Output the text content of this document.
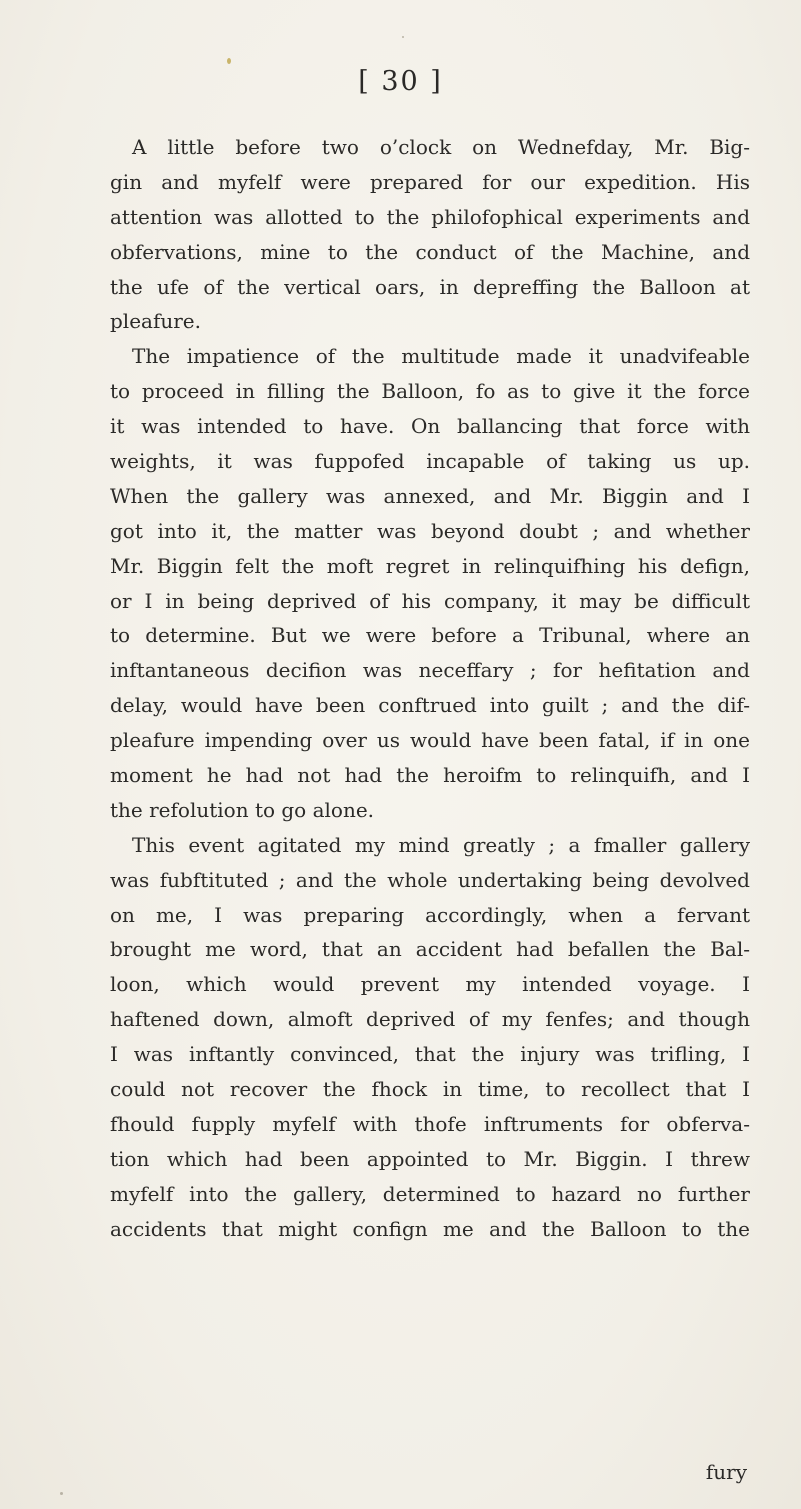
[ 30 ]
A little before two o’clock on Wednefday, Mr. Big-
gin and myfelf were prepared for our expedition. His
attention was allotted to the philofophical experiments and
obfervations, mine to the conduct of the Machine, and
the ufe of the vertical oars, in depreffing the Balloon at
pleafure.
The impatience of the multitude made it unadvifeable
to proceed in filling the Balloon, fo as to give it the force
it was intended to have. On ballancing that force with
weights, it was fuppofed incapable of taking us up.
When the gallery was annexed, and Mr. Biggin and I
got into it, the matter was beyond doubt ; and whether
Mr. Biggin felt the moft regret in relinquifhing his defign,
or I in being deprived of his company, it may be difficult
to determine. But we were before a Tribunal, where an
inftantaneous decifion was neceffary ; for hefitation and
delay, would have been conftrued into guilt ; and the dif-
pleafure impending over us would have been fatal, if in one
moment he had not had the heroifm to relinquifh, and I
the refolution to go alone.
This event agitated my mind greatly ; a fmaller gallery
was fubftituted ; and the whole undertaking being devolved
on me, I was preparing accordingly, when a fervant
brought me word, that an accident had befallen the Bal-
loon, which would prevent my intended voyage. I
haftened down, almoft deprived of my fenfes; and though
I was inftantly convinced, that the injury was trifling, I
could not recover the fhock in time, to recollect that I
fhould fupply myfelf with thofe inftruments for obferva-
tion which had been appointed to Mr. Biggin. I threw
myfelf into the gallery, determined to hazard no further
accidents that might confign me and the Balloon to the
fury
